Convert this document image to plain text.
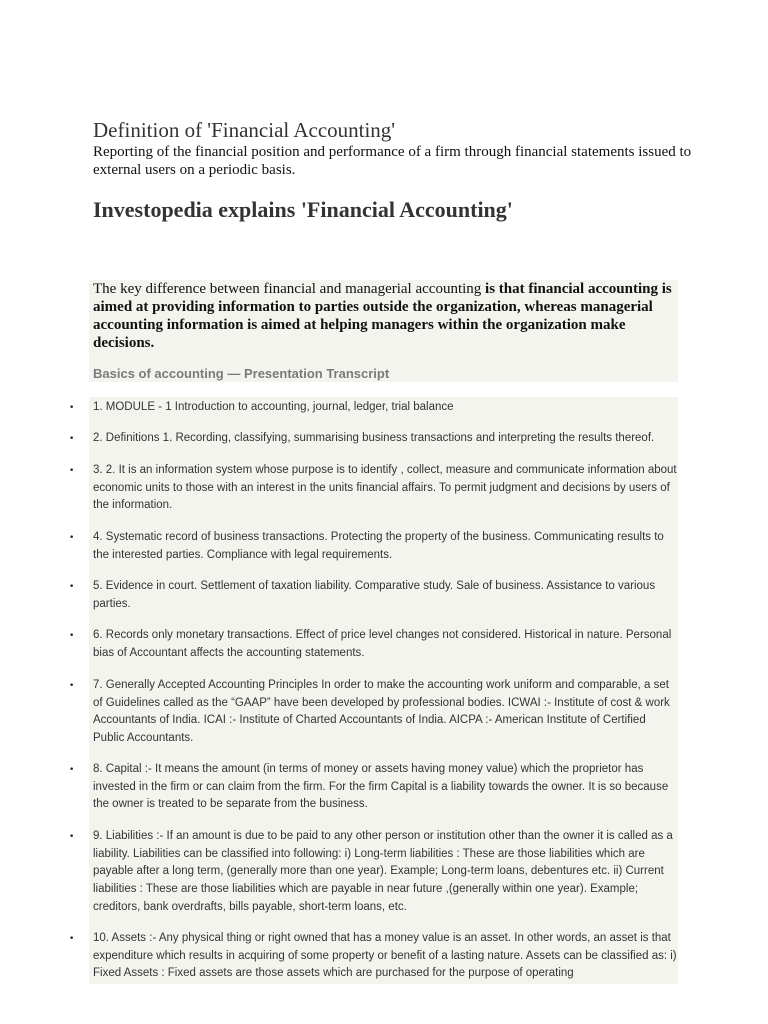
Definition of 'Financial Accounting'

Reporting of the financial position and performance of a firm through financial statements issued to external users on a periodic basis.

Investopedia explains 'Financial Accounting'

The key difference between financial and managerial accounting is that financial accounting is aimed at providing information to parties outside the organization, whereas managerial accounting information is aimed at helping managers within the organization make decisions.

Basics of accounting — Presentation Transcript
• 1. MODULE - 1 Introduction to accounting, journal, ledger, trial balance
• 2. Definitions 1. Recording, classifying, summarising business transactions and interpreting the results thereof.
• 3. 2. It is an information system whose purpose is to identify , collect, measure and communicate information about economic units to those with an interest in the units financial affairs. To permit judgment and decisions by users of the information.
• 4. Systematic record of business transactions. Protecting the property of the business. Communicating results to the interested parties. Compliance with legal requirements.
• 5. Evidence in court. Settlement of taxation liability. Comparative study. Sale of business. Assistance to various parties.
• 6. Records only monetary transactions. Effect of price level changes not considered. Historical in nature. Personal bias of Accountant affects the accounting statements.
• 7. Generally Accepted Accounting Principles In order to make the accounting work uniform and comparable, a set of Guidelines called as the “GAAP” have been developed by professional bodies. ICWAI :- Institute of cost & work Accountants of India. ICAI :- Institute of Charted Accountants of India. AICPA :- American Institute of Certified Public Accountants.
• 8. Capital :- It means the amount (in terms of money or assets having money value) which the proprietor has invested in the firm or can claim from the firm. For the firm Capital is a liability towards the owner. It is so because the owner is treated to be separate from the business.
• 9. Liabilities :- If an amount is due to be paid to any other person or institution other than the owner it is called as a liability. Liabilities can be classified into following: i) Long-term liabilities : These are those liabilities which are payable after a long term, (generally more than one year). Example; Long-term loans, debentures etc. ii) Current liabilities : These are those liabilities which are payable in near future ,(generally within one year). Example; creditors, bank overdrafts, bills payable, short-term loans, etc.
• 10. Assets :- Any physical thing or right owned that has a money value is an asset. In other words, an asset is that expenditure which results in acquiring of some property or benefit of a lasting nature. Assets can be classified as: i) Fixed Assets : Fixed assets are those assets which are purchased for the purpose of operating
